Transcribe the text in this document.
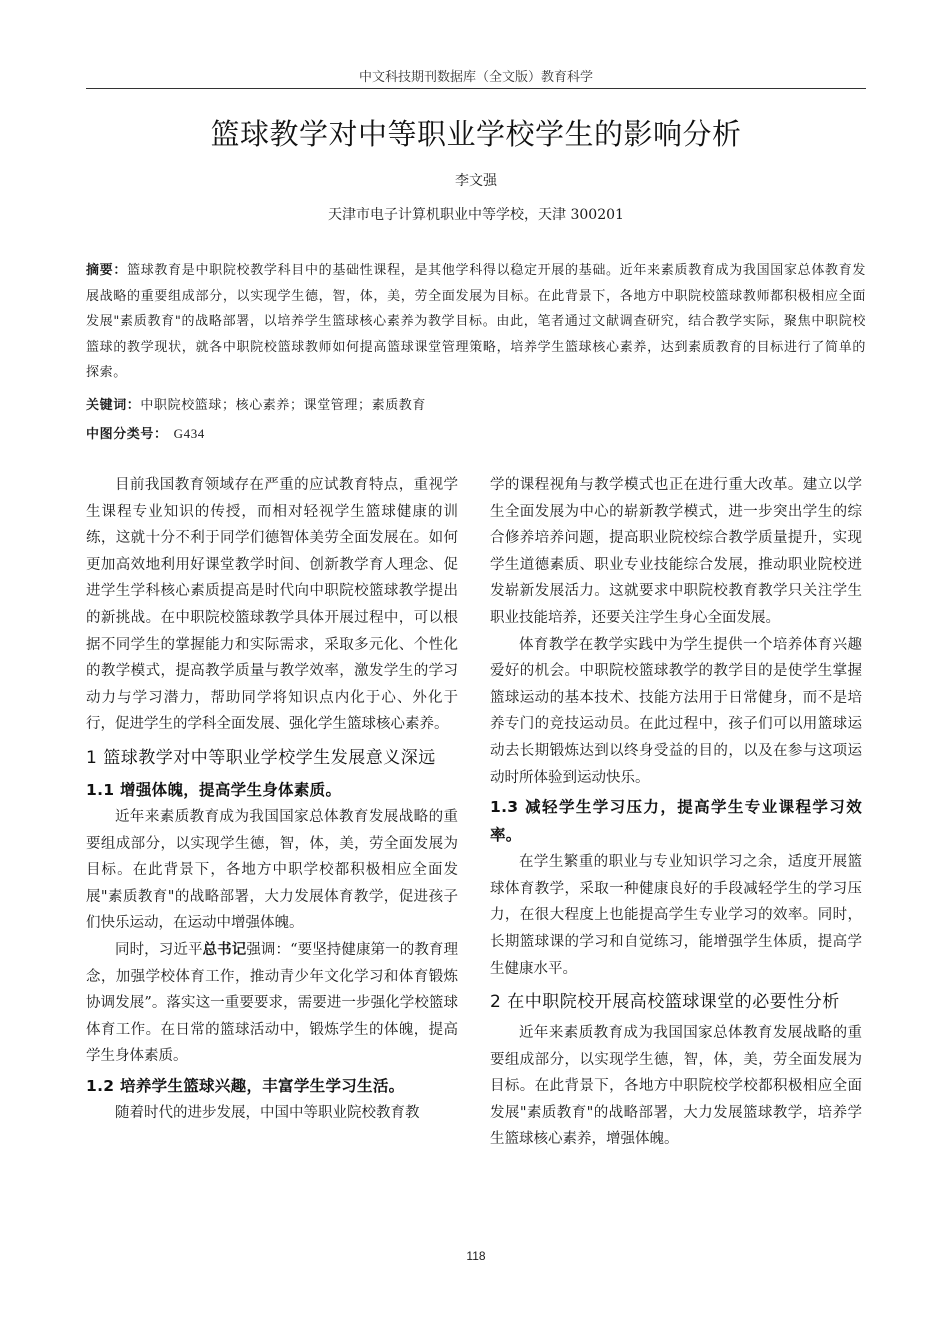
中文科技期刊数据库（全文版）教育科学
篮球教学对中等职业学校学生的影响分析
李文强
天津市电子计算机职业中等学校，天津 300201
摘要：篮球教育是中职院校教学科目中的基础性课程，是其他学科得以稳定开展的基础。近年来素质教育成为我国国家总体教育发展战略的重要组成部分，以实现学生德，智，体，美，劳全面发展为目标。在此背景下，各地方中职院校篮球教师都积极相应全面发展"素质教育"的战略部署，以培养学生篮球核心素养为教学目标。由此，笔者通过文献调查研究，结合教学实际，聚焦中职院校篮球的教学现状，就各中职院校篮球教师如何提高篮球课堂管理策略，培养学生篮球核心素养，达到素质教育的目标进行了简单的探索。
关键词：中职院校篮球；核心素养；课堂管理；素质教育
中图分类号： G434

目前我国教育领域存在严重的应试教育特点，重视学生课程专业知识的传授，而相对轻视学生篮球健康的训练，这就十分不利于同学们德智体美劳全面发展在。如何更加高效地利用好课堂教学时间、创新教学育人理念、促进学生学科核心素质提高是时代向中职院校篮球教学提出的新挑战。在中职院校篮球教学具体开展过程中，可以根据不同学生的掌握能力和实际需求，采取多元化、个性化的教学模式，提高教学质量与教学效率，激发学生的学习动力与学习潜力，帮助同学将知识点内化于心、外化于行，促进学生的学科全面发展、强化学生篮球核心素养。

1 篮球教学对中等职业学校学生发展意义深远
1.1 增强体魄，提高学生身体素质。

近年来素质教育成为我国国家总体教育发展战略的重要组成部分，以实现学生德，智，体，美，劳全面发展为目标。在此背景下，各地方中职学校都积极相应全面发展"素质教育"的战略部署，大力发展体育教学，促进孩子们快乐运动，在运动中增强体魄。

同时，习近平总书记强调：“要坚持健康第一的教育理念，加强学校体育工作，推动青少年文化学习和体育锻炼协调发展”。落实这一重要要求，需要进一步强化学校篮球体育工作。在日常的篮球活动中，锻炼学生的体魄，提高学生身体素质。

1.2 培养学生篮球兴趣，丰富学生学习生活。

随着时代的进步发展，中国中等职业院校教育教

学的课程视角与教学模式也正在进行重大改革。建立以学生全面发展为中心的崭新教学模式，进一步突出学生的综合修养培养问题，提高职业院校综合教学质量提升，实现学生道德素质、职业专业技能综合发展，推动职业院校迸发崭新发展活力。这就要求中职院校教育教学只关注学生职业技能培养，还要关注学生身心全面发展。

体育教学在教学实践中为学生提供一个培养体育兴趣爱好的机会。中职院校篮球教学的教学目的是使学生掌握篮球运动的基本技术、技能方法用于日常健身，而不是培养专门的竞技运动员。在此过程中，孩子们可以用篮球运动去长期锻炼达到以终身受益的目的，以及在参与这项运动时所体验到运动快乐。

1.3 减轻学生学习压力，提高学生专业课程学习效率。

在学生繁重的职业与专业知识学习之余，适度开展篮球体育教学，采取一种健康良好的手段减轻学生的学习压力，在很大程度上也能提高学生专业学习的效率。同时，长期篮球课的学习和自觉练习，能增强学生体质，提高学生健康水平。

2 在中职院校开展高校篮球课堂的必要性分析

近年来素质教育成为我国国家总体教育发展战略的重要组成部分，以实现学生德，智，体，美，劳全面发展为目标。在此背景下，各地方中职院校学校都积极相应全面发展"素质教育"的战略部署，大力发展篮球教学，培养学生篮球核心素养，增强体魄。

118
